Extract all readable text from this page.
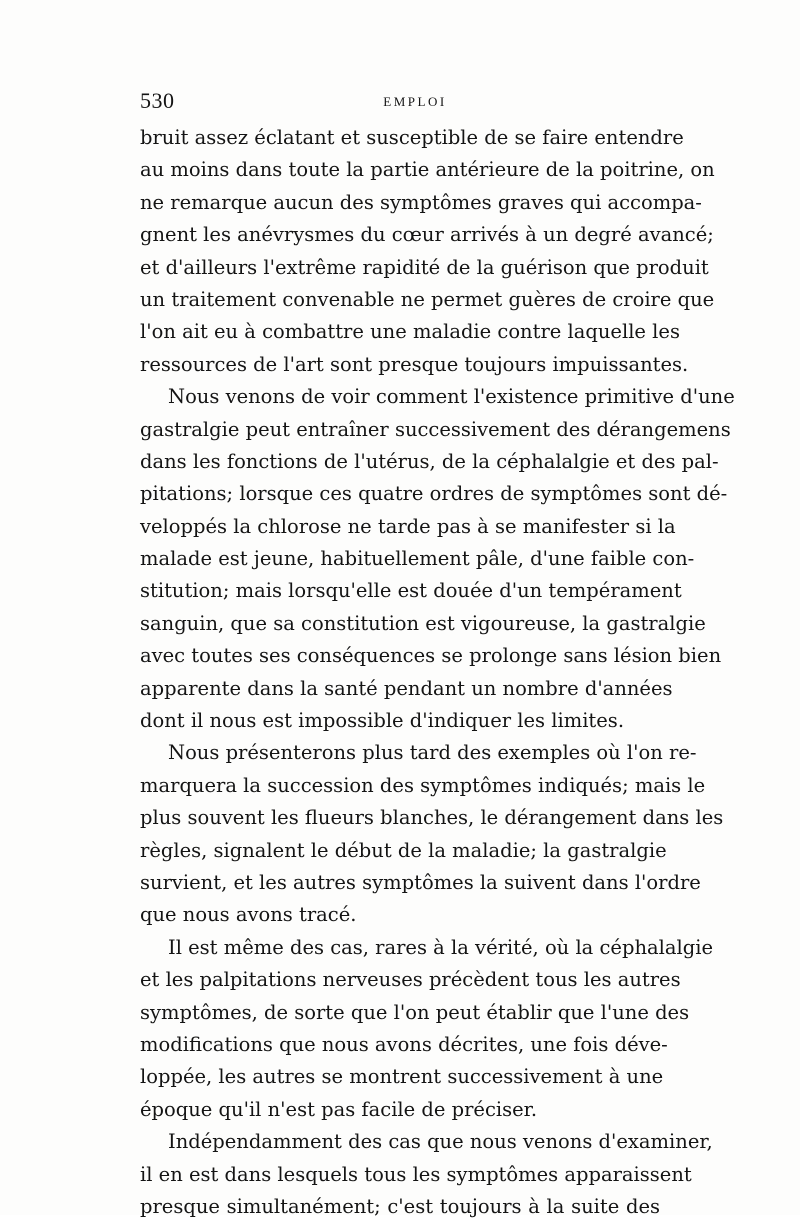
530	EMPLOI
bruit assez éclatant et susceptible de se faire entendre
au moins dans toute la partie antérieure de la poitrine, on
ne remarque aucun des symptômes graves qui accompa-
gnent les anévrysmes du cœur arrivés à un degré avancé;
et d'ailleurs l'extrême rapidité de la guérison que produit
un traitement convenable ne permet guères de croire que
l'on ait eu à combattre une maladie contre laquelle les
ressources de l'art sont presque toujours impuissantes.
Nous venons de voir comment l'existence primitive d'une
gastralgie peut entraîner successivement des dérangemens
dans les fonctions de l'utérus, de la céphalalgie et des pal-
pitations; lorsque ces quatre ordres de symptômes sont dé-
veloppés la chlorose ne tarde pas à se manifester si la
malade est jeune, habituellement pâle, d'une faible con-
stitution; mais lorsqu'elle est douée d'un tempérament
sanguin, que sa constitution est vigoureuse, la gastralgie
avec toutes ses conséquences se prolonge sans lésion bien
apparente dans la santé pendant un nombre d'années
dont il nous est impossible d'indiquer les limites.
Nous présenterons plus tard des exemples où l'on re-
marquera la succession des symptômes indiqués; mais le
plus souvent les flueurs blanches, le dérangement dans les
règles, signalent le début de la maladie; la gastralgie
survient, et les autres symptômes la suivent dans l'ordre
que nous avons tracé.
Il est même des cas, rares à la vérité, où la céphalalgie
et les palpitations nerveuses précèdent tous les autres
symptômes, de sorte que l'on peut établir que l'une des
modifications que nous avons décrites, une fois déve-
loppée, les autres se montrent successivement à une
époque qu'il n'est pas facile de préciser.
Indépendamment des cas que nous venons d'examiner,
il en est dans lesquels tous les symptômes apparaissent
presque simultanément; c'est toujours à la suite des
